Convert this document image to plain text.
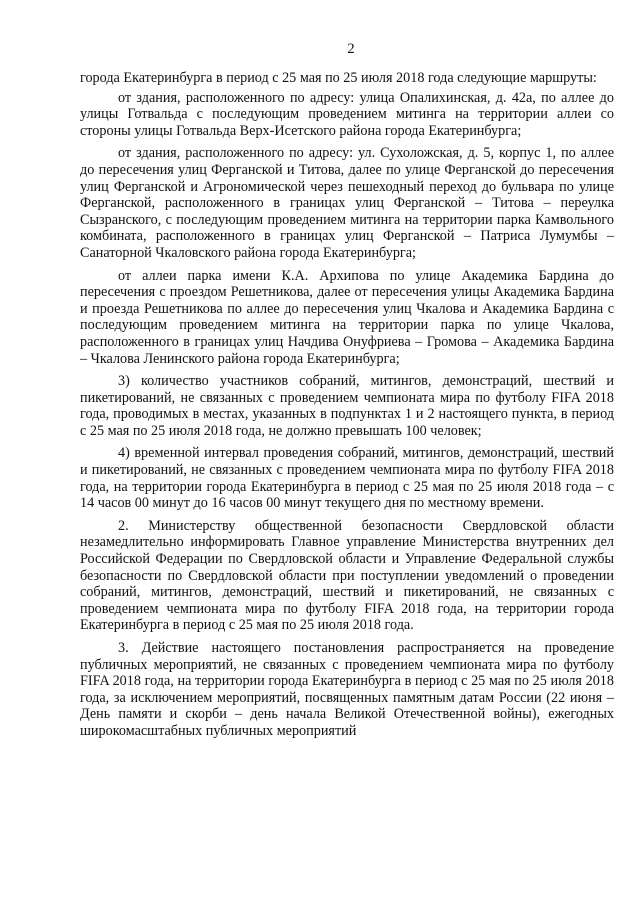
2

города Екатеринбурга в период с 25 мая по 25 июля 2018 года следующие маршруты:

от здания, расположенного по адресу: улица Опалихинская, д. 42а, по аллее до улицы Готвальда с последующим проведением митинга на территории аллеи со стороны улицы Готвальда Верх-Исетского района города Екатеринбурга;

от здания, расположенного по адресу: ул. Сухоложская, д. 5, корпус 1, по аллее до пересечения улиц Ферганской и Титова, далее по улице Ферганской до пересечения улиц Ферганской и Агрономической через пешеходный переход до бульвара по улице Ферганской, расположенного в границах улиц Ферганской – Титова – переулка Сызранского, с последующим проведением митинга на территории парка Камвольного комбината, расположенного в границах улиц Ферганской – Патриса Лумумбы – Санаторной Чкаловского района города Екатеринбурга;

от аллеи парка имени К.А. Архипова по улице Академика Бардина до пересечения с проездом Решетникова, далее от пересечения улицы Академика Бардина и проезда Решетникова по аллее до пересечения улиц Чкалова и Академика Бардина с последующим проведением митинга на территории парка по улице Чкалова, расположенного в границах улиц Начдива Онуфриева – Громова – Академика Бардина – Чкалова Ленинского района города Екатеринбурга;

3) количество участников собраний, митингов, демонстраций, шествий и пикетирований, не связанных с проведением чемпионата мира по футболу FIFA 2018 года, проводимых в местах, указанных в подпунктах 1 и 2 настоящего пункта, в период с 25 мая по 25 июля 2018 года, не должно превышать 100 человек;

4) временной интервал проведения собраний, митингов, демонстраций, шествий и пикетирований, не связанных с проведением чемпионата мира по футболу FIFA 2018 года, на территории города Екатеринбурга в период с 25 мая по 25 июля 2018 года – с 14 часов 00 минут до 16 часов 00 минут текущего дня по местному времени.

2. Министерству общественной безопасности Свердловской области незамедлительно информировать Главное управление Министерства внутренних дел Российской Федерации по Свердловской области и Управление Федеральной службы безопасности по Свердловской области при поступлении уведомлений о проведении собраний, митингов, демонстраций, шествий и пикетирований, не связанных с проведением чемпионата мира по футболу FIFA 2018 года, на территории города Екатеринбурга в период с 25 мая по 25 июля 2018 года.

3. Действие настоящего постановления распространяется на проведение публичных мероприятий, не связанных с проведением чемпионата мира по футболу FIFA 2018 года, на территории города Екатеринбурга в период с 25 мая по 25 июля 2018 года, за исключением мероприятий, посвященных памятным датам России (22 июня – День памяти и скорби – день начала Великой Отечественной войны), ежегодных широкомасштабных публичных мероприятий
